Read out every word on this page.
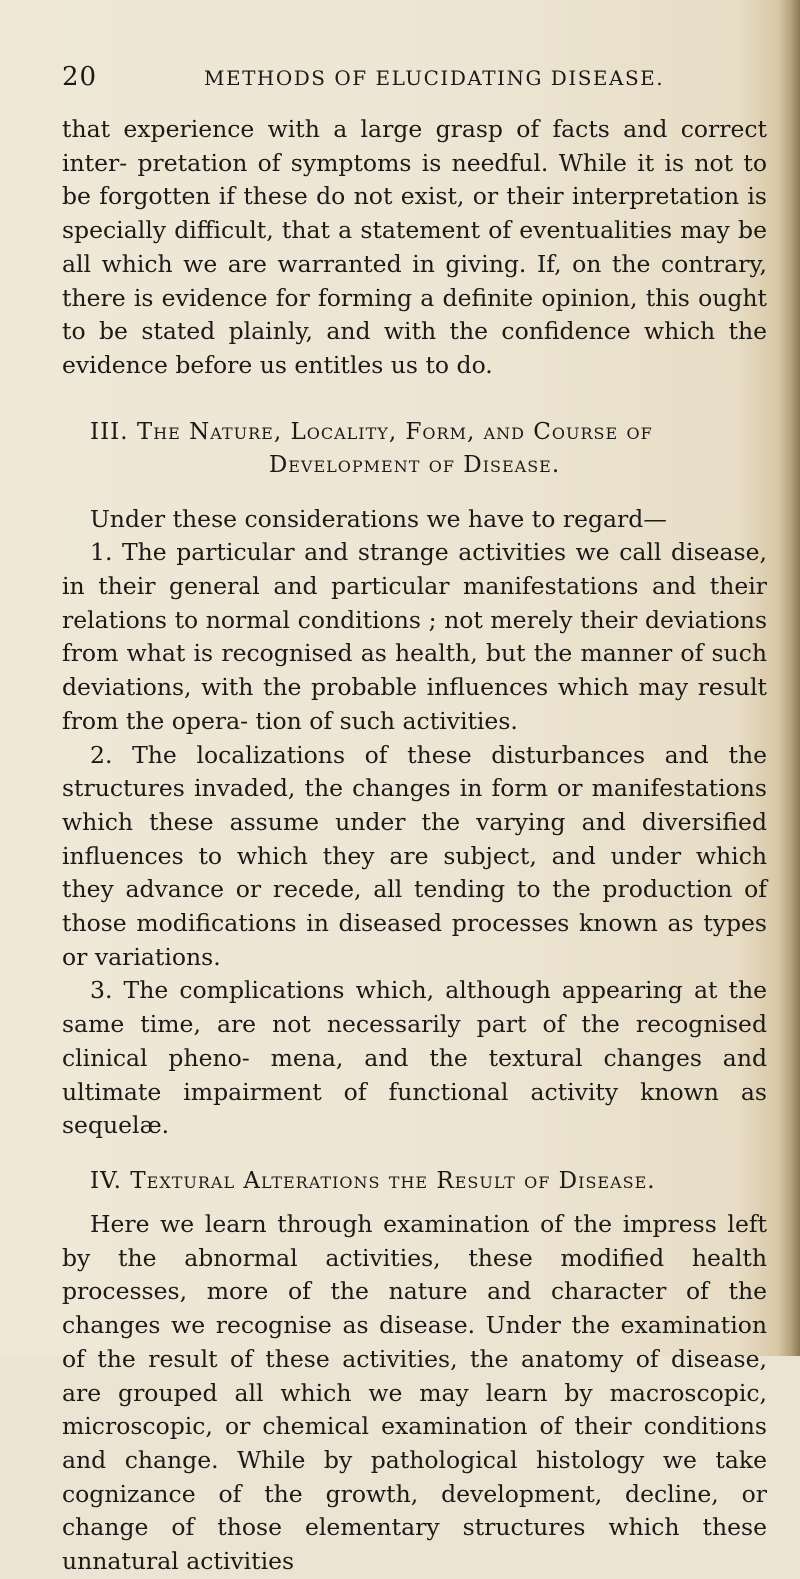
20	METHODS OF ELUCIDATING DISEASE.

that experience with a large grasp of facts and correct inter- pretation of symptoms is needful. While it is not to be forgotten if these do not exist, or their interpretation is specially difficult, that a statement of eventualities may be all which we are warranted in giving. If, on the contrary, there is evidence for forming a definite opinion, this ought to be stated plainly, and with the confidence which the evidence before us entitles us to do.

III. The Nature, Locality, Form, and Course of
Development of Disease.

Under these considerations we have to regard—

1. The particular and strange activities we call disease, in their general and particular manifestations and their relations to normal conditions ; not merely their deviations from what is recognised as health, but the manner of such deviations, with the probable influences which may result from the opera- tion of such activities.

2. The localizations of these disturbances and the structures invaded, the changes in form or manifestations which these assume under the varying and diversified influences to which they are subject, and under which they advance or recede, all tending to the production of those modifications in diseased processes known as types or variations.

3. The complications which, although appearing at the same time, are not necessarily part of the recognised clinical pheno- mena, and the textural changes and ultimate impairment of functional activity known as sequelæ.

IV. Textural Alterations the Result of Disease.

Here we learn through examination of the impress left by the abnormal activities, these modified health processes, more of the nature and character of the changes we recognise as disease. Under the examination of the result of these activities, the anatomy of disease, are grouped all which we may learn by macroscopic, microscopic, or chemical examination of their conditions and change. While by pathological histology we take cognizance of the growth, development, decline, or change of those elementary structures which these unnatural activities
